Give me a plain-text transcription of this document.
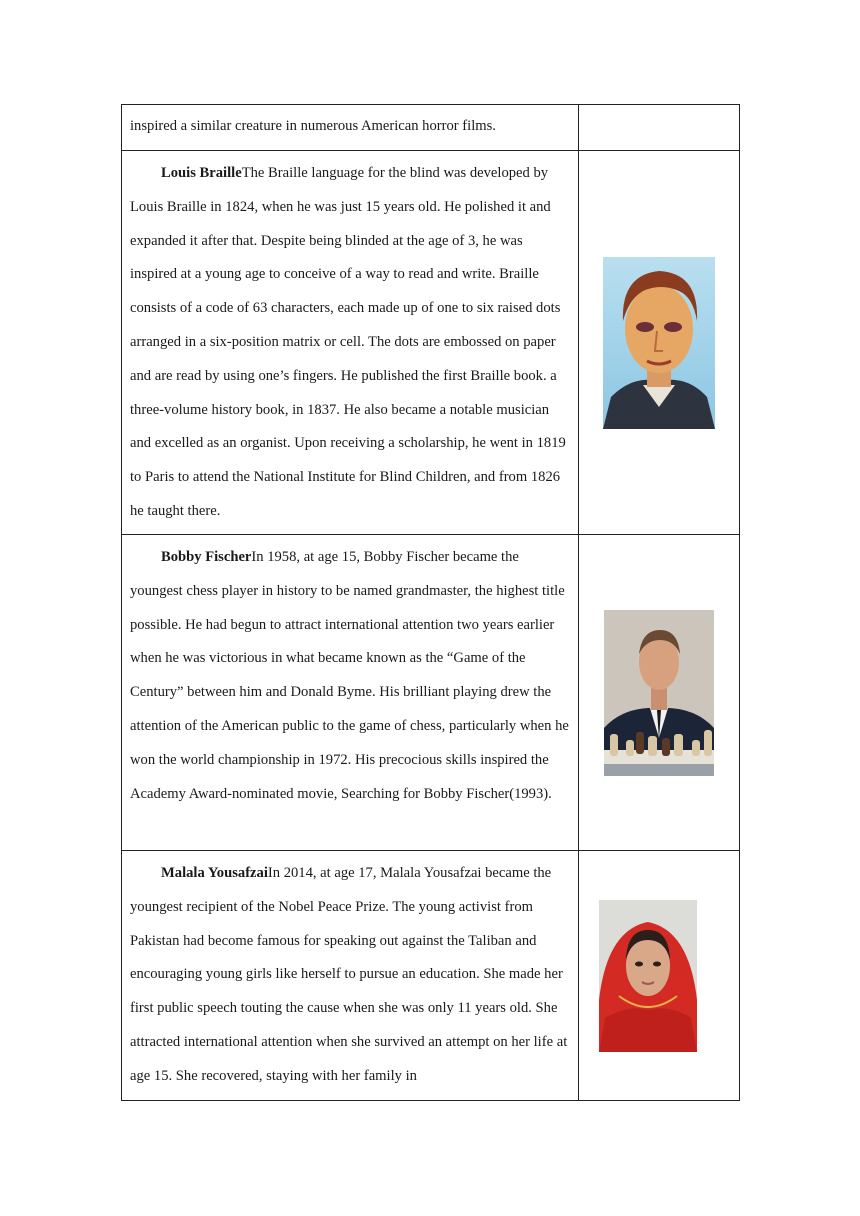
inspired a similar creature in numerous American horror films.	

Louis BrailleThe Braille language for the blind was developed by Louis Braille in 1824, when he was just 15 years old. He polished it and expanded it after that. Despite being blinded at the age of 3, he was inspired at a young age to conceive of a way to read and write. Braille consists of a code of 63 characters, each made up of one to six raised dots arranged in a six-position matrix or cell. The dots are embossed on paper and are read by using one’s fingers. He published the first Braille book. a three-volume history book, in 1837. He also became a notable musician and excelled as an organist. Upon receiving a scholarship, he went in 1819 to Paris to attend the National Institute for Blind Children, and from 1826 he taught there.

Bobby FischerIn 1958, at age 15, Bobby Fischer became the youngest chess player in history to be named grandmaster, the highest title possible. He had begun to attract international attention two years earlier when he was victorious in what became known as the “Game of the Century” between him and Donald Byme. His brilliant playing drew the attention of the American public to the game of chess, particularly when he won the world championship in 1972. His precocious skills inspired the Academy Award-nominated movie, Searching for Bobby Fischer(1993).

Malala YousafzaiIn 2014, at age 17, Malala Yousafzai became the youngest recipient of the Nobel Peace Prize. The young activist from Pakistan had become famous for speaking out against the Taliban and encouraging young girls like herself to pursue an education. She made her first public speech touting the cause when she was only 11 years old. She attracted international attention when she survived an attempt on her life at age 15. She recovered, staying with her family in
